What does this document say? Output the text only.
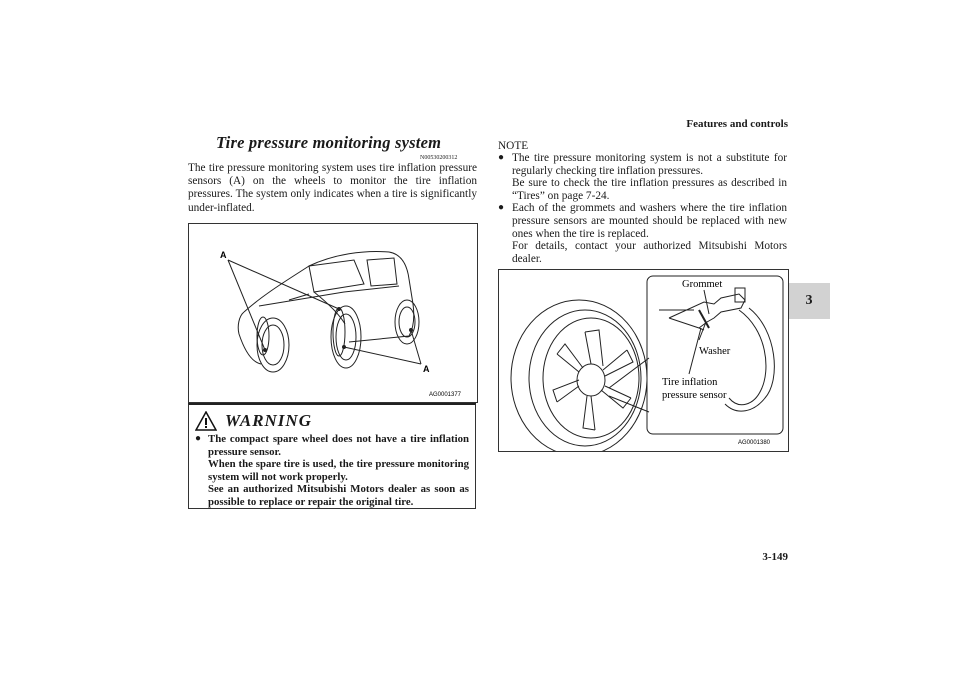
Features and controls
3
Tire pressure monitoring system
N00530200312
The tire pressure monitoring system uses tire inflation pressure sensors (A) on the wheels to monitor the tire inflation pressures. The system only indicates when a tire is significantly under-inflated.
A
A
AG0001377
WARNING
● The compact spare wheel does not have a tire inflation pressure sensor.
When the spare tire is used, the tire pressure monitoring system will not work properly.
See an authorized Mitsubishi Motors dealer as soon as possible to replace or repair the original tire.
NOTE
● The tire pressure monitoring system is not a substitute for regularly checking tire inflation pressures.

Be sure to check the tire inflation pressures as described in “Tires” on page 7-24.

● Each of the grommets and washers where the tire inflation pressure sensors are mounted should be replaced with new ones when the tire is replaced.

For details, contact your authorized Mitsubishi Motors dealer.

Grommet
Washer
Tire inflation
pressure sensor
AG0001380
3-149
